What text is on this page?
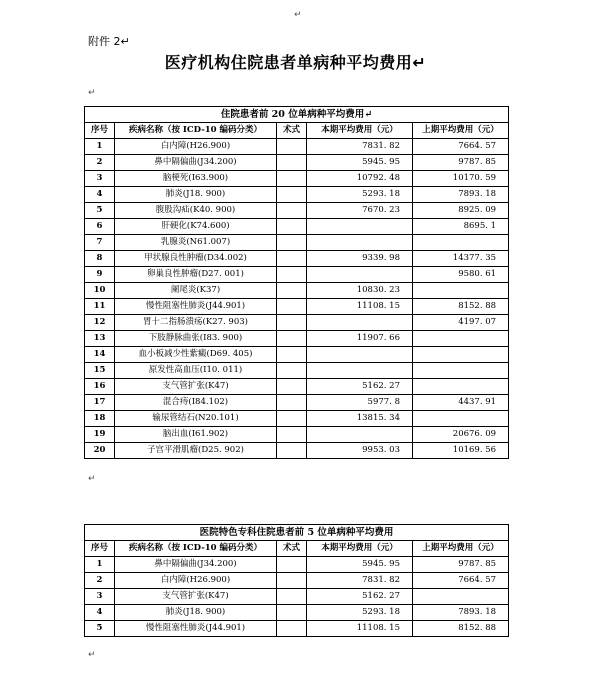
↵
附件 2↵
医疗机构住院患者单病种平均费用↵
↵
住院患者前 20 位单病种平均费用↵				
序号	疾病名称（按 ICD-10 编码分类）	术式	本期平均费用（元）	上期平均费用（元）
1	白内障(H26.900)		7831. 82	7664. 57
2	鼻中隔偏曲(J34.200)		5945. 95	9787. 85
3	脑梗死(I63.900)		10792. 48	10170. 59
4	肺炎(J18. 900)		5293. 18	7893. 18
5	腹股沟疝(K40. 900)		7670. 23	8925. 09
6	肝硬化(K74.600)			8695. 1
7	乳腺炎(N61.007)			
8	甲状腺良性肿瘤(D34.002)		9339. 98	14377. 35
9	卵巢良性肿瘤(D27. 001)			9580. 61
10	阑尾炎(K37)		10830. 23	
11	慢性阻塞性肺炎(J44.901)		11108. 15	8152. 88
12	胃十二指肠溃疡(K27. 903)			4197. 07
13	下肢静脉曲张(I83. 900)		11907. 66	
14	血小板减少性紫癜(D69. 405)			
15	原发性高血压(I10. 011)			
16	支气管扩张(K47)		5162. 27	
17	混合痔(I84.102)		5977. 8	4437. 91
18	输尿管结石(N20.101)		13815. 34	
19	脑出血(I61.902)			20676. 09
20	子宫平滑肌瘤(D25. 902)		9953. 03	10169. 56
↵
医院特色专科住院患者前 5 位单病种平均费用				
序号	疾病名称（按 ICD-10 编码分类）	术式	本期平均费用（元）	上期平均费用（元）
1	鼻中隔偏曲(J34.200)		5945. 95	9787. 85
2	白内障(H26.900)		7831. 82	7664. 57
3	支气管扩张(K47)		5162. 27	
4	肺炎(J18. 900)		5293. 18	7893. 18
5	慢性阻塞性肺炎(J44.901)		11108. 15	8152. 88
↵
